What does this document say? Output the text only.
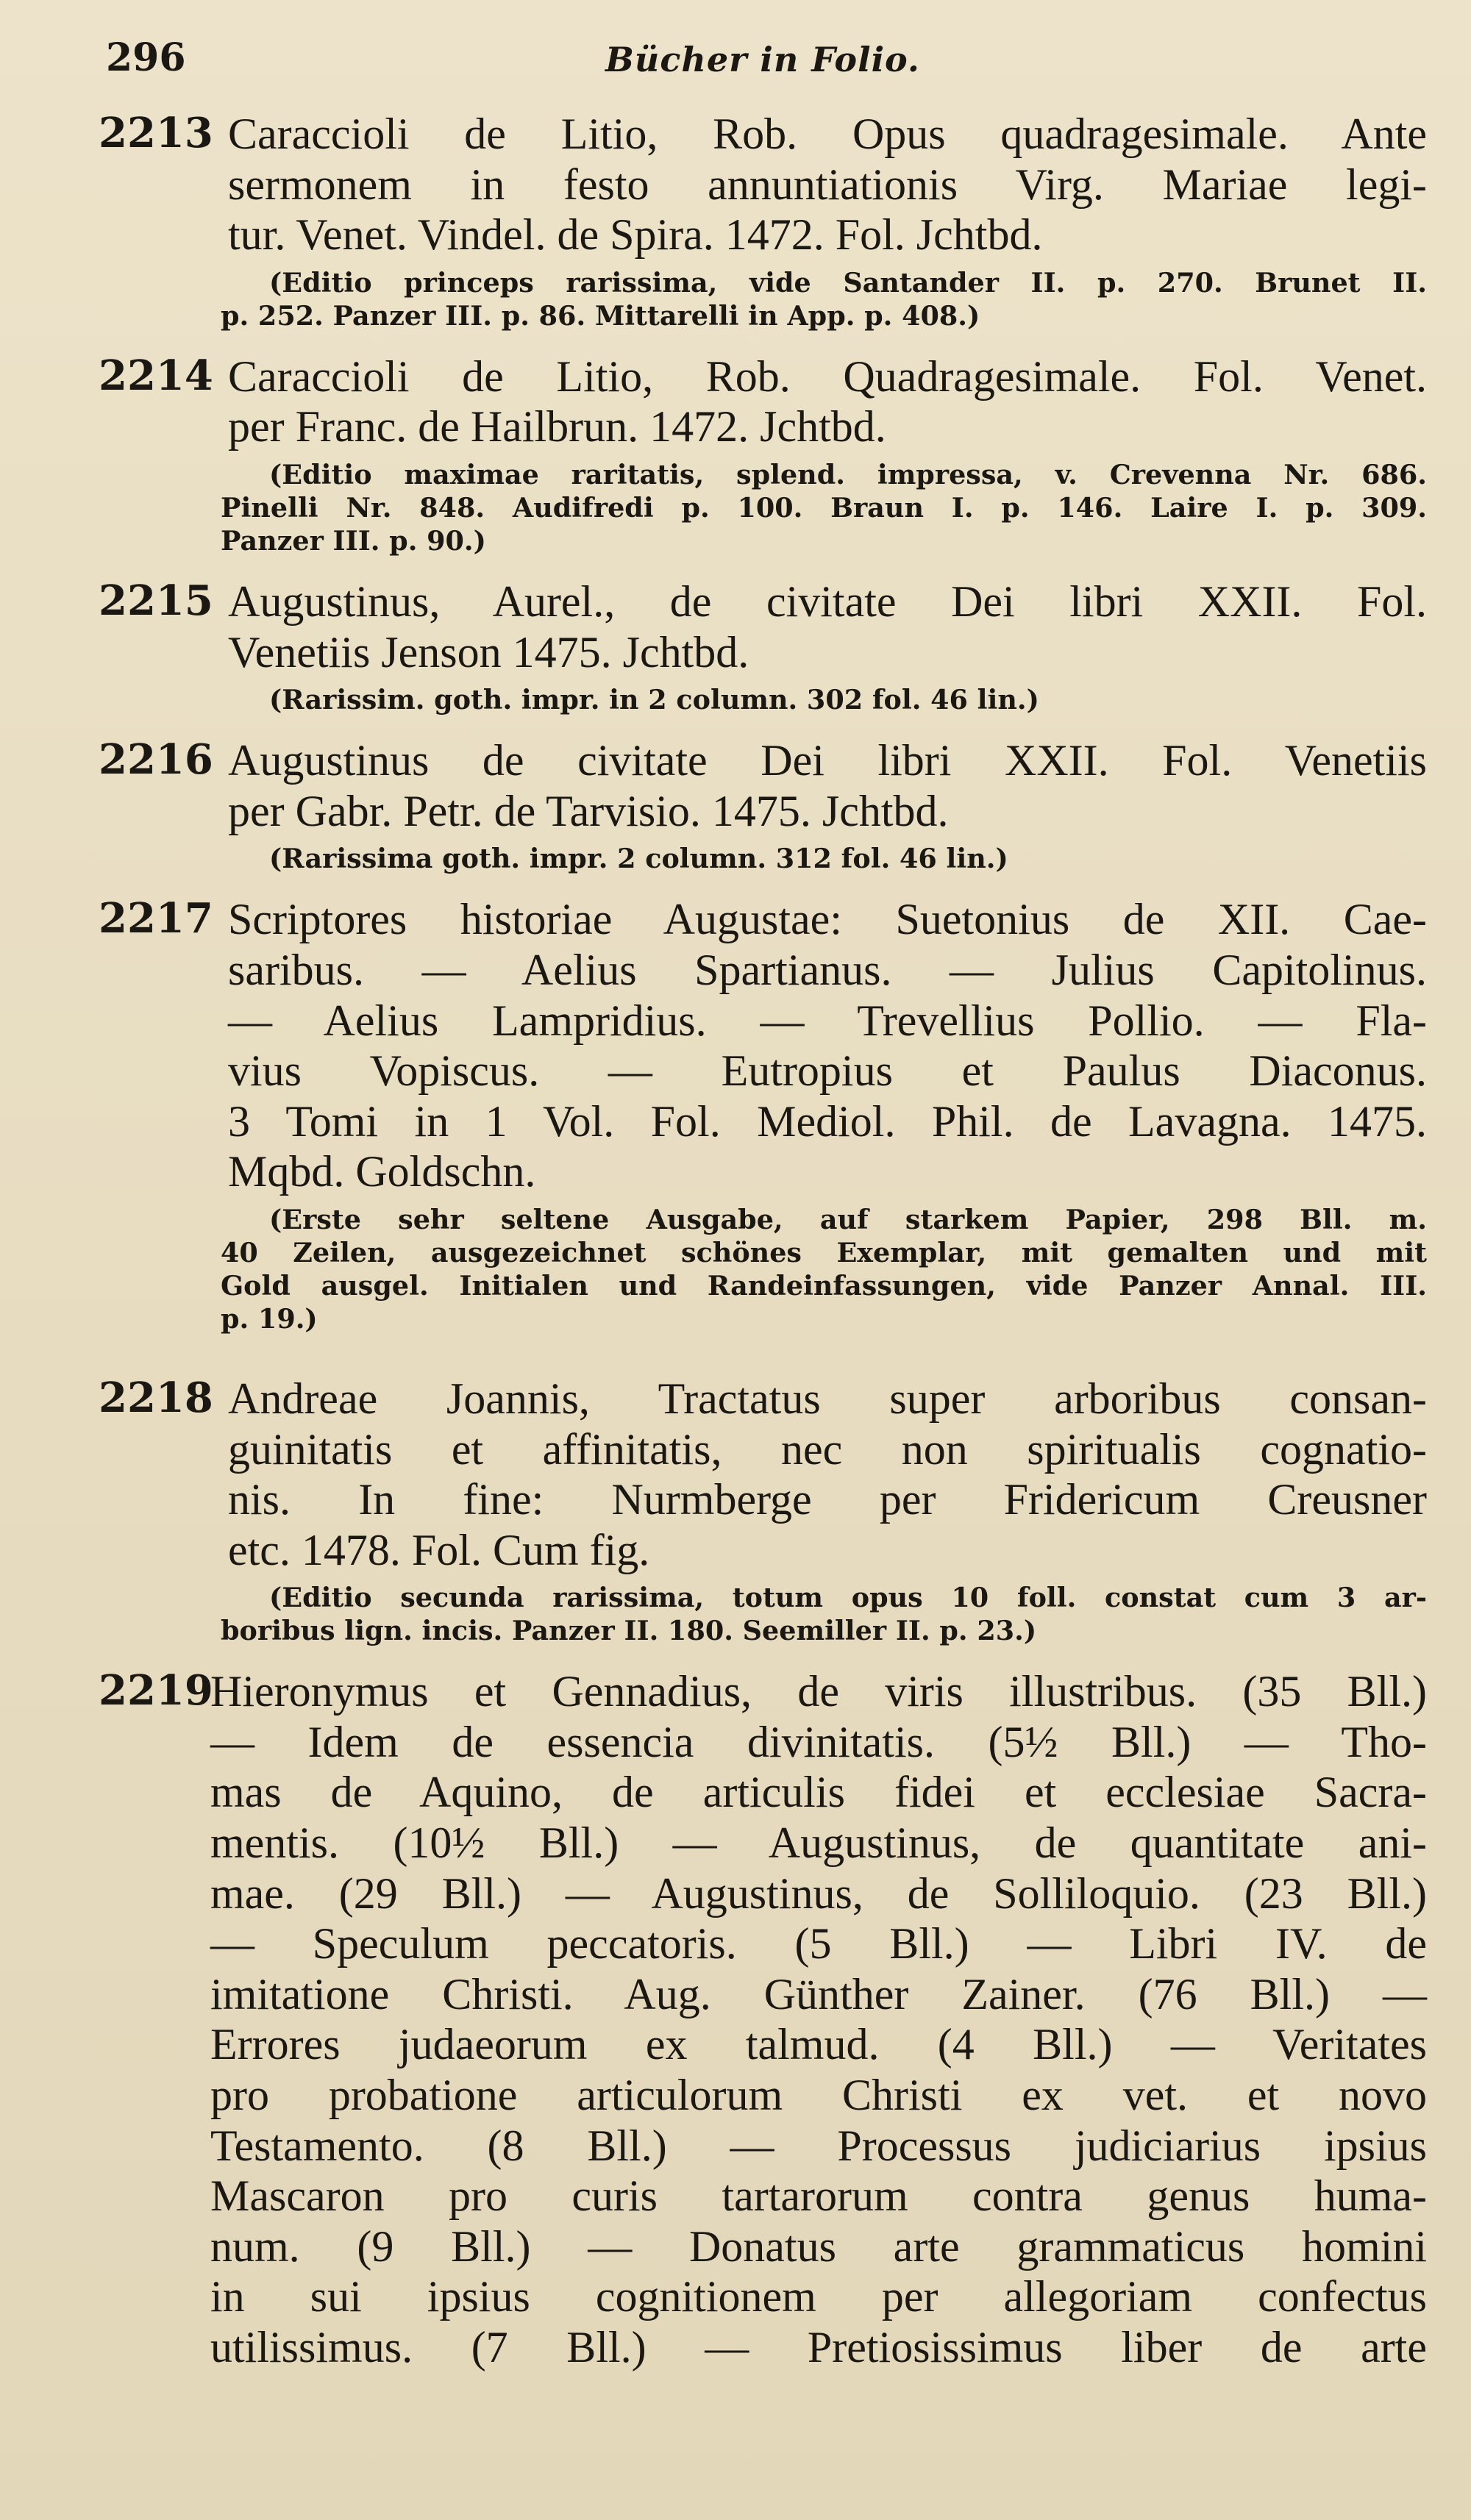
296	Bücher in Folio.
2213 Caraccioli de Litio, Rob. Opus quadragesimale. Ante
sermonem in festo annuntiationis Virg. Mariae legi-
tur. Venet. Vindel. de Spira. 1472. Fol. Jchtbd.
(Editio princeps rarissima, vide Santander II. p. 270. Brunet II.
p. 252. Panzer III. p. 86. Mittarelli in App. p. 408.)
2214 Caraccioli de Litio, Rob. Quadragesimale. Fol. Venet.
per Franc. de Hailbrun. 1472. Jchtbd.
(Editio maximae raritatis, splend. impressa, v. Crevenna Nr. 686.
Pinelli Nr. 848. Audifredi p. 100. Braun I. p. 146. Laire I. p. 309.
Panzer III. p. 90.)
2215 Augustinus, Aurel., de civitate Dei libri XXII. Fol.
Venetiis Jenson 1475. Jchtbd.
(Rarissim. goth. impr. in 2 column. 302 fol. 46 lin.)
2216 Augustinus de civitate Dei libri XXII. Fol. Venetiis
per Gabr. Petr. de Tarvisio. 1475. Jchtbd.
(Rarissima goth. impr. 2 column. 312 fol. 46 lin.)
2217 Scriptores historiae Augustae: Suetonius de XII. Cae-
saribus. — Aelius Spartianus. — Julius Capitolinus.
— Aelius Lampridius. — Trevellius Pollio. — Fla-
vius Vopiscus. — Eutropius et Paulus Diaconus.
3 Tomi in 1 Vol. Fol. Mediol. Phil. de Lavagna. 1475.
Mqbd. Goldschn.
(Erste sehr seltene Ausgabe, auf starkem Papier, 298 Bll. m.
40 Zeilen, ausgezeichnet schönes Exemplar, mit gemalten und mit
Gold ausgel. Initialen und Randeinfassungen, vide Panzer Annal. III.
p. 19.)
2218 Andreae Joannis, Tractatus super arboribus consan-
guinitatis et affinitatis, nec non spiritualis cognatio-
nis. In fine: Nurmberge per Fridericum Creusner
etc. 1478. Fol. Cum fig.
(Editio secunda rarissima, totum opus 10 foll. constat cum 3 ar-
boribus lign. incis. Panzer II. 180. Seemiller II. p. 23.)
2219
Hieronymus et Gennadius, de viris illustribus. (35 Bll.)
— Idem de essencia divinitatis. (5½ Bll.) — Tho-
mas de Aquino, de articulis fidei et ecclesiae Sacra-
mentis. (10½ Bll.) — Augustinus, de quantitate ani-
mae. (29 Bll.) — Augustinus, de Solliloquio. (23 Bll.)
— Speculum peccatoris. (5 Bll.) — Libri IV. de
imitatione Christi. Aug. Günther Zainer. (76 Bll.) —
Errores judaeorum ex talmud. (4 Bll.) — Veritates
pro probatione articulorum Christi ex vet. et novo
Testamento. (8 Bll.) — Processus judiciarius ipsius
Mascaron pro curis tartarorum contra genus huma-
num. (9 Bll.) — Donatus arte grammaticus homini
in sui ipsius cognitionem per allegoriam confectus
utilissimus. (7 Bll.) — Pretiosissimus liber de arte
